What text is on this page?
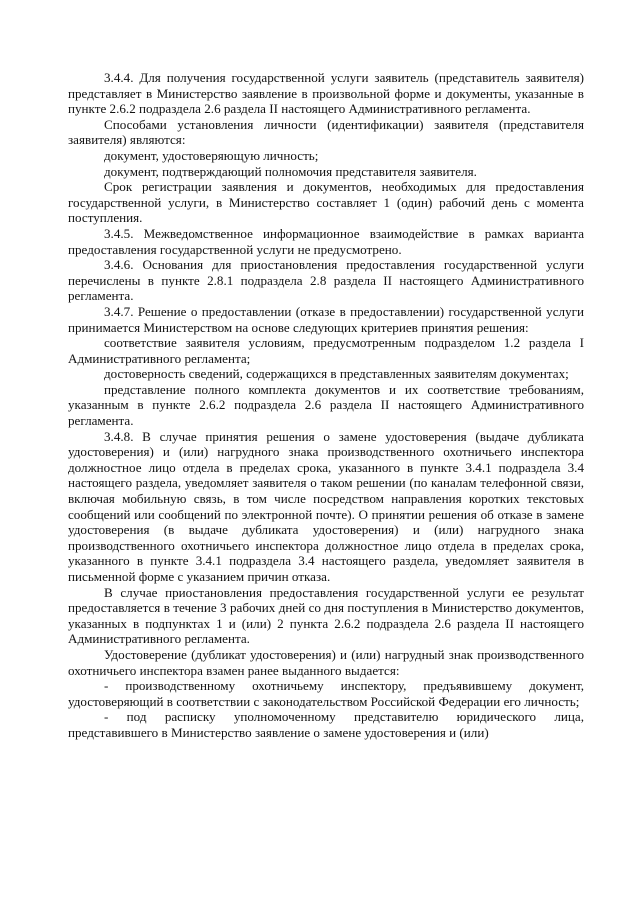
3.4.4. Для получения государственной услуги заявитель (представитель заявителя) представляет в Министерство заявление в произвольной форме и документы, указанные в пункте 2.6.2 подраздела 2.6 раздела II настоящего Административного регламента.

Способами установления личности (идентификации) заявителя (представителя заявителя) являются:

документ, удостоверяющую личность;

документ, подтверждающий полномочия представителя заявителя.

Срок регистрации заявления и документов, необходимых для предоставления государственной услуги, в Министерство составляет 1 (один) рабочий день с момента поступления.

3.4.5. Межведомственное информационное взаимодействие в рамках варианта предоставления государственной услуги не предусмотрено.

3.4.6. Основания для приостановления предоставления государственной услуги перечислены в пункте 2.8.1 подраздела 2.8 раздела II настоящего Административного регламента.

3.4.7. Решение о предоставлении (отказе в предоставлении) государственной услуги принимается Министерством на основе следующих критериев принятия решения:

соответствие заявителя условиям, предусмотренным подразделом 1.2 раздела I Административного регламента;

достоверность сведений, содержащихся в представленных заявителям документах;

представление полного комплекта документов и их соответствие требованиям, указанным в пункте 2.6.2 подраздела 2.6 раздела II настоящего Административного регламента.

3.4.8. В случае принятия решения о замене удостоверения (выдаче дубликата удостоверения) и (или) нагрудного знака производственного охотничьего инспектора должностное лицо отдела в пределах срока, указанного в пункте 3.4.1 подраздела 3.4 настоящего раздела, уведомляет заявителя о таком решении (по каналам телефонной связи, включая мобильную связь, в том числе посредством направления коротких текстовых сообщений или сообщений по электронной почте). О принятии решения об отказе в замене удостоверения (в выдаче дубликата удостоверения) и (или) нагрудного знака производственного охотничьего инспектора должностное лицо отдела в пределах срока, указанного в пункте 3.4.1 подраздела 3.4 настоящего раздела, уведомляет заявителя в письменной форме с указанием причин отказа.

В случае приостановления предоставления государственной услуги ее результат предоставляется в течение 3 рабочих дней со дня поступления в Министерство документов, указанных в подпунктах 1 и (или) 2 пункта 2.6.2 подраздела 2.6 раздела II настоящего Административного регламента.

Удостоверение (дубликат удостоверения) и (или) нагрудный знак производственного охотничьего инспектора взамен ранее выданного выдается:

- производственному охотничьему инспектору, предъявившему документ, удостоверяющий в соответствии с законодательством Российской Федерации его личность;

- под расписку уполномоченному представителю юридического лица, представившего в Министерство заявление о замене удостоверения и (или)
